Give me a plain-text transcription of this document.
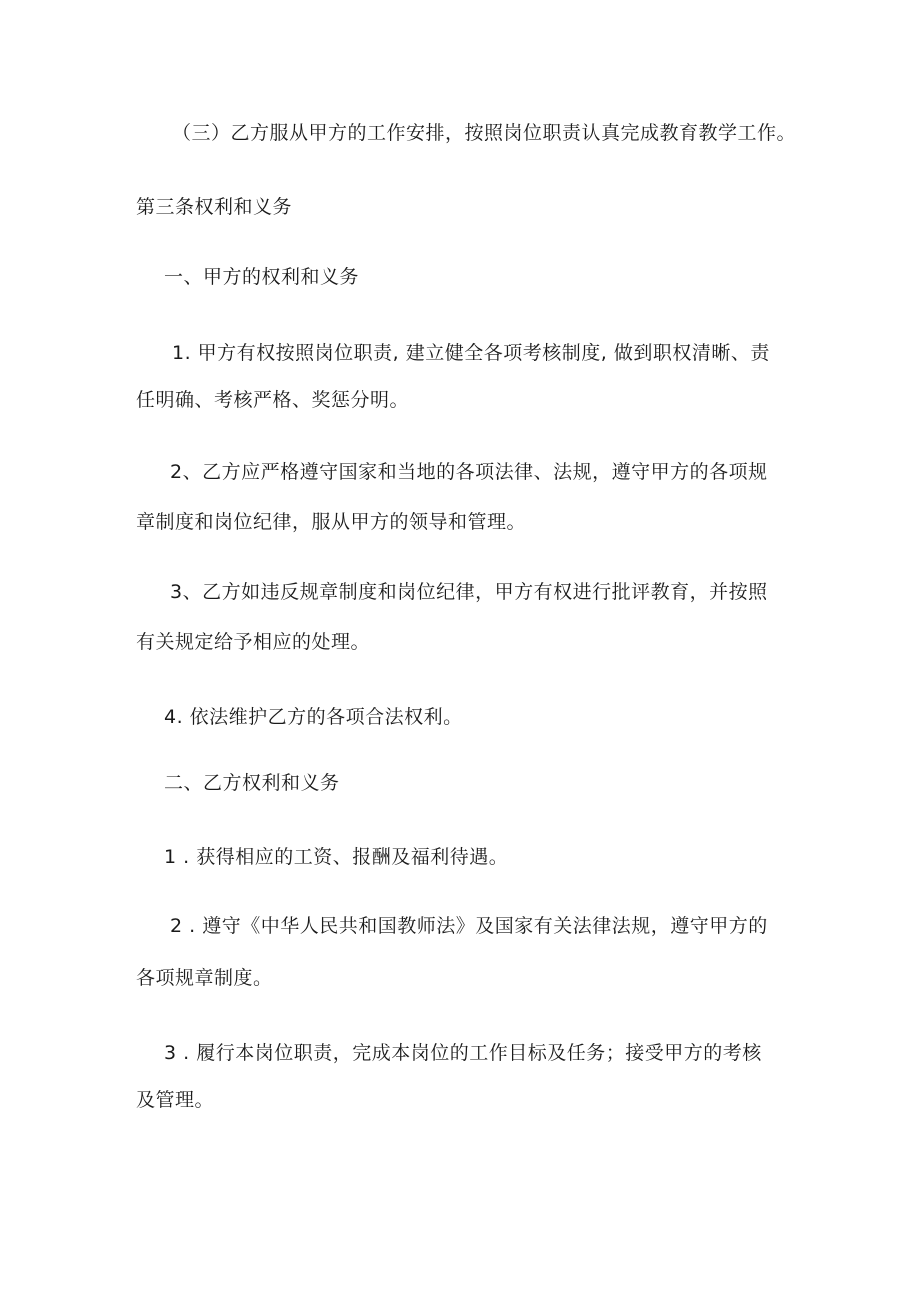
（三）乙方服从甲方的工作安排，按照岗位职责认真完成教育教学工作。
第三条权利和义务
一、甲方的权利和义务
1. 甲方有权按照岗位职责, 建立健全各项考核制度, 做到职权清晰、责
任明确、考核严格、奖惩分明。
2、乙方应严格遵守国家和当地的各项法律、法规，遵守甲方的各项规
章制度和岗位纪律，服从甲方的领导和管理。
3、乙方如违反规章制度和岗位纪律，甲方有权进行批评教育，并按照
有关规定给予相应的处理。
4. 依法维护乙方的各项合法权利。
二、乙方权利和义务
1 . 获得相应的工资、报酬及福利待遇。
2 . 遵守《中华人民共和国教师法》及国家有关法律法规，遵守甲方的
各项规章制度。
3 . 履行本岗位职责，完成本岗位的工作目标及任务；接受甲方的考核
及管理。
